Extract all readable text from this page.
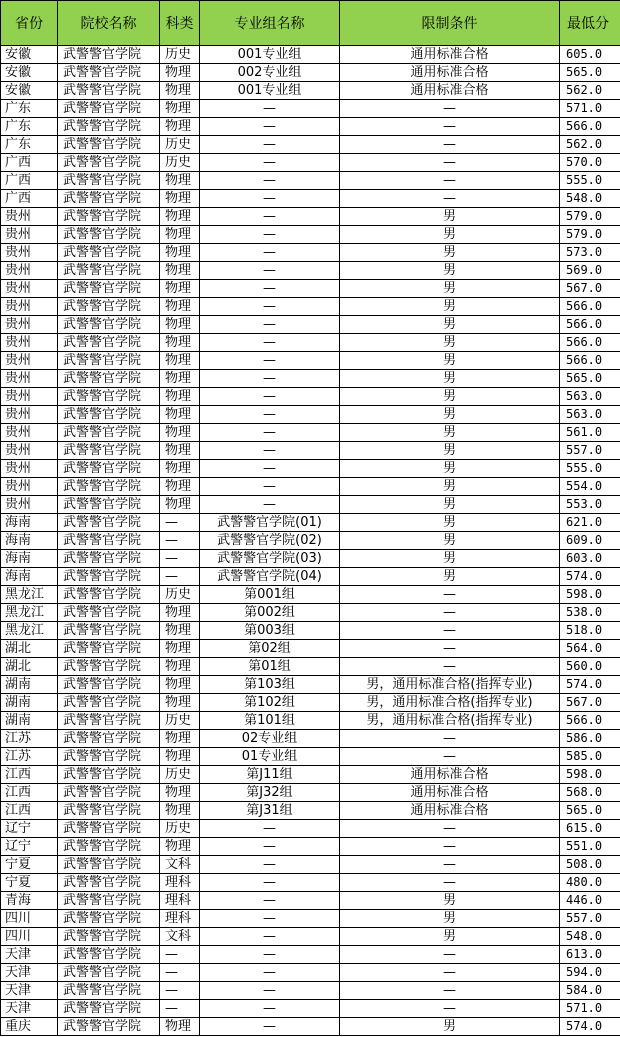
省份	院校名称	科类	专业组名称	限制条件	最低分
安徽	武警警官学院	历史	001专业组	通用标准合格	605.0
安徽	武警警官学院	物理	002专业组	通用标准合格	565.0
安徽	武警警官学院	物理	001专业组	通用标准合格	562.0
广东	武警警官学院	物理	—	—	571.0
广东	武警警官学院	物理	—	—	566.0
广东	武警警官学院	历史	—	—	562.0
广西	武警警官学院	历史	—	—	570.0
广西	武警警官学院	物理	—	—	555.0
广西	武警警官学院	物理	—	—	548.0
贵州	武警警官学院	物理	—	男	579.0
贵州	武警警官学院	物理	—	男	579.0
贵州	武警警官学院	物理	—	男	573.0
贵州	武警警官学院	物理	—	男	569.0
贵州	武警警官学院	物理	—	男	567.0
贵州	武警警官学院	物理	—	男	566.0
贵州	武警警官学院	物理	—	男	566.0
贵州	武警警官学院	物理	—	男	566.0
贵州	武警警官学院	物理	—	男	566.0
贵州	武警警官学院	物理	—	男	565.0
贵州	武警警官学院	物理	—	男	563.0
贵州	武警警官学院	物理	—	男	563.0
贵州	武警警官学院	物理	—	男	561.0
贵州	武警警官学院	物理	—	男	557.0
贵州	武警警官学院	物理	—	男	555.0
贵州	武警警官学院	物理	—	男	554.0
贵州	武警警官学院	物理	—	男	553.0
海南	武警警官学院	—	武警警官学院(01)	男	621.0
海南	武警警官学院	—	武警警官学院(02)	男	609.0
海南	武警警官学院	—	武警警官学院(03)	男	603.0
海南	武警警官学院	—	武警警官学院(04)	男	574.0
黑龙江	武警警官学院	历史	第001组	—	598.0
黑龙江	武警警官学院	物理	第002组	—	538.0
黑龙江	武警警官学院	物理	第003组	—	518.0
湖北	武警警官学院	物理	第02组	—	564.0
湖北	武警警官学院	物理	第01组	—	560.0
湖南	武警警官学院	物理	第103组	男，通用标准合格(指挥专业)	574.0
湖南	武警警官学院	物理	第102组	男，通用标准合格(指挥专业)	567.0
湖南	武警警官学院	历史	第101组	男，通用标准合格(指挥专业)	566.0
江苏	武警警官学院	物理	02专业组	—	586.0
江苏	武警警官学院	物理	01专业组	—	585.0
江西	武警警官学院	历史	第J11组	通用标准合格	598.0
江西	武警警官学院	物理	第J32组	通用标准合格	568.0
江西	武警警官学院	物理	第J31组	通用标准合格	565.0
辽宁	武警警官学院	历史	—	—	615.0
辽宁	武警警官学院	物理	—	—	551.0
宁夏	武警警官学院	文科	—	—	508.0
宁夏	武警警官学院	理科	—	—	480.0
青海	武警警官学院	理科	—	男	446.0
四川	武警警官学院	理科	—	男	557.0
四川	武警警官学院	文科	—	男	548.0
天津	武警警官学院	—	—	—	613.0
天津	武警警官学院	—	—	—	594.0
天津	武警警官学院	—	—	—	584.0
天津	武警警官学院	—	—	—	571.0
重庆	武警警官学院	物理	—	男	574.0
